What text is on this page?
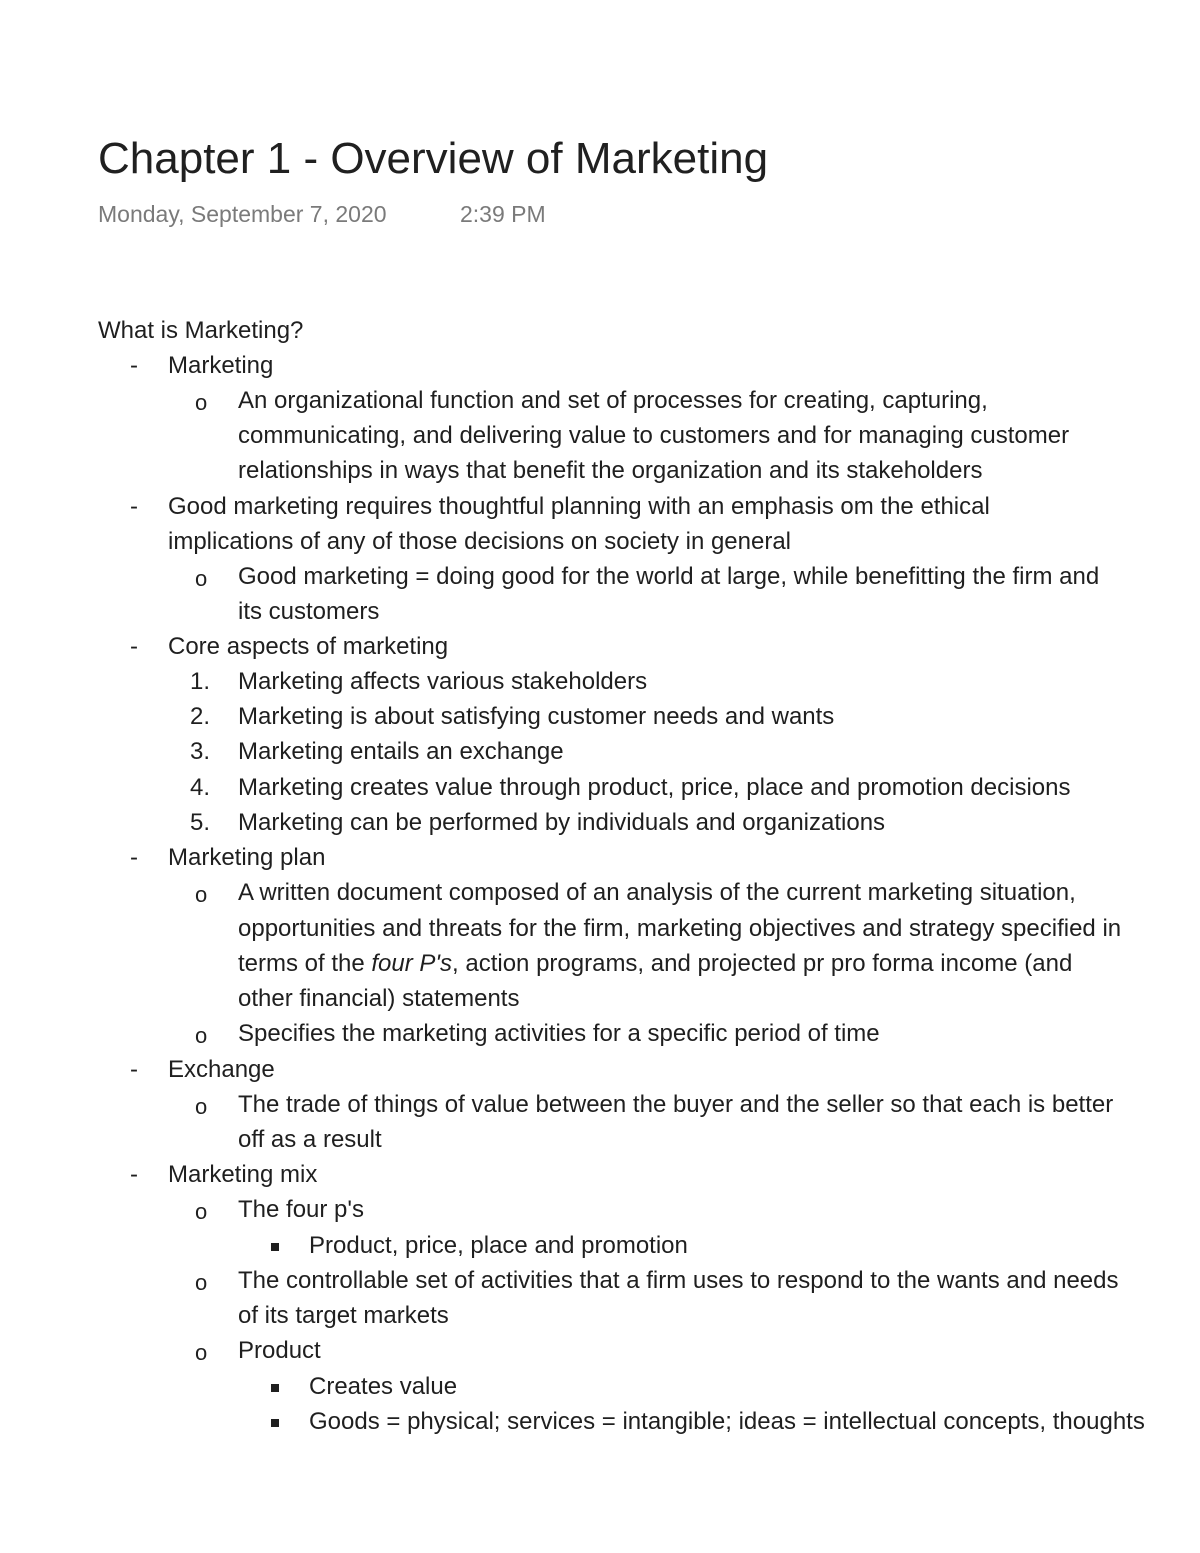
Chapter 1 - Overview of Marketing
Monday, September 7, 2020	2:39 PM
What is Marketing?
- Marketing
o An organizational function and set of processes for creating, capturing,
communicating, and delivering value to customers and for managing customer
relationships in ways that benefit the organization and its stakeholders
- Good marketing requires thoughtful planning with an emphasis om the ethical
implications of any of those decisions on society in general
o Good marketing = doing good for the world at large, while benefitting the firm and
its customers
- Core aspects of marketing
1. Marketing affects various stakeholders
2. Marketing is about satisfying customer needs and wants
3. Marketing entails an exchange
4. Marketing creates value through product, price, place and promotion decisions
5. Marketing can be performed by individuals and organizations
- Marketing plan
o A written document composed of an analysis of the current marketing situation,
opportunities and threats for the firm, marketing objectives and strategy specified in
terms of the four P's, action programs, and projected pr pro forma income (and
other financial) statements
o Specifies the marketing activities for a specific period of time
- Exchange
o The trade of things of value between the buyer and the seller so that each is better
off as a result
- Marketing mix
o The four p's
Product, price, place and promotion
o The controllable set of activities that a firm uses to respond to the wants and needs
of its target markets
o Product
Creates value
Goods = physical; services = intangible; ideas = intellectual concepts, thoughts
